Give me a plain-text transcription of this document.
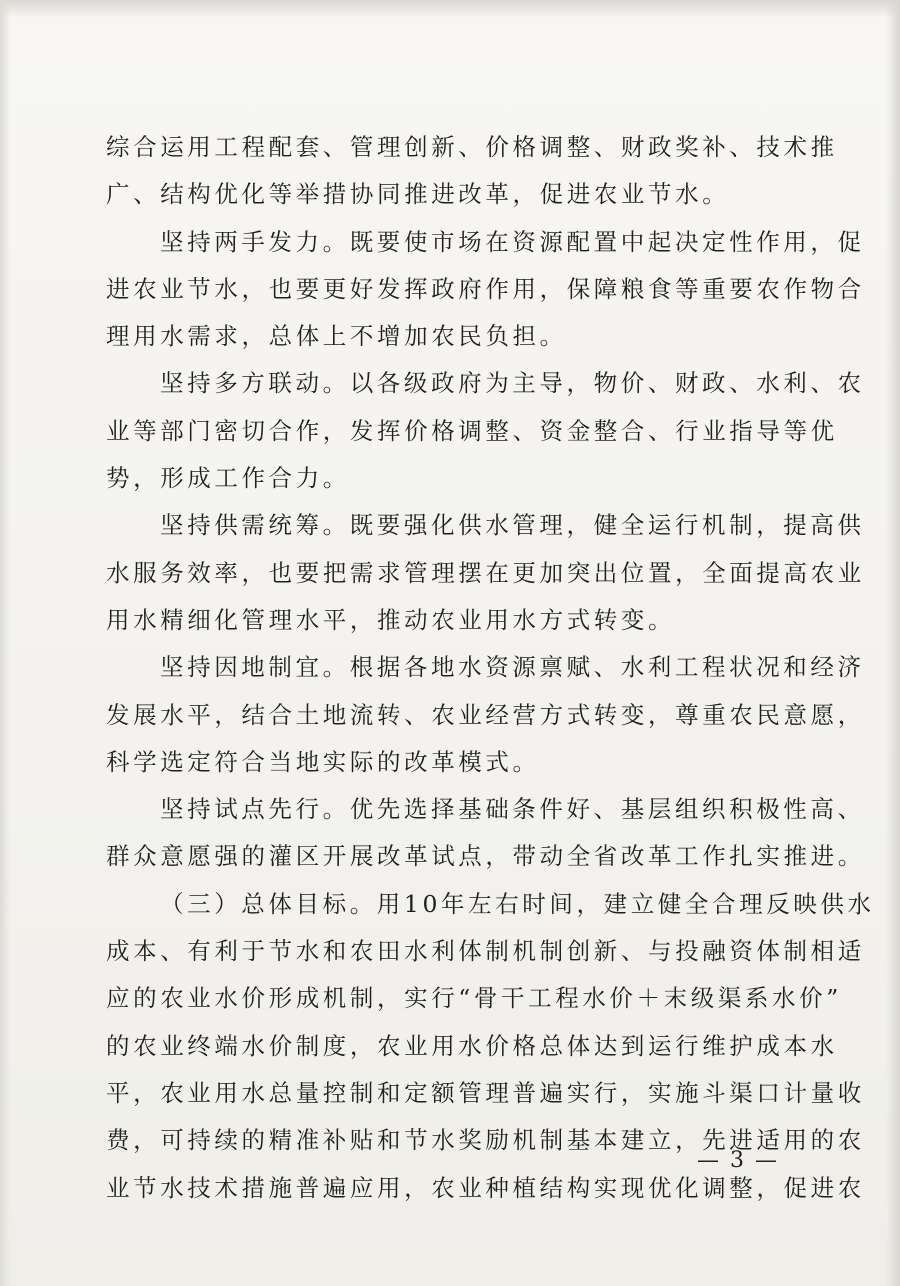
综合运用工程配套、管理创新、价格调整、财政奖补、技术推
广、结构优化等举措协同推进改革，促进农业节水。
坚持两手发力。既要使市场在资源配置中起决定性作用，促
进农业节水，也要更好发挥政府作用，保障粮食等重要农作物合
理用水需求，总体上不增加农民负担。
坚持多方联动。以各级政府为主导，物价、财政、水利、农
业等部门密切合作，发挥价格调整、资金整合、行业指导等优
势，形成工作合力。
坚持供需统筹。既要强化供水管理，健全运行机制，提高供
水服务效率，也要把需求管理摆在更加突出位置，全面提高农业
用水精细化管理水平，推动农业用水方式转变。
坚持因地制宜。根据各地水资源禀赋、水利工程状况和经济
发展水平，结合土地流转、农业经营方式转变，尊重农民意愿，
科学选定符合当地实际的改革模式。
坚持试点先行。优先选择基础条件好、基层组织积极性高、
群众意愿强的灌区开展改革试点，带动全省改革工作扎实推进。
（三）总体目标。用10年左右时间，建立健全合理反映供水
成本、有利于节水和农田水利体制机制创新、与投融资体制相适
应的农业水价形成机制，实行“骨干工程水价＋末级渠系水价”
的农业终端水价制度，农业用水价格总体达到运行维护成本水
平，农业用水总量控制和定额管理普遍实行，实施斗渠口计量收
费，可持续的精准补贴和节水奖励机制基本建立，先进适用的农
业节水技术措施普遍应用，农业种植结构实现优化调整，促进农
— 3 —
